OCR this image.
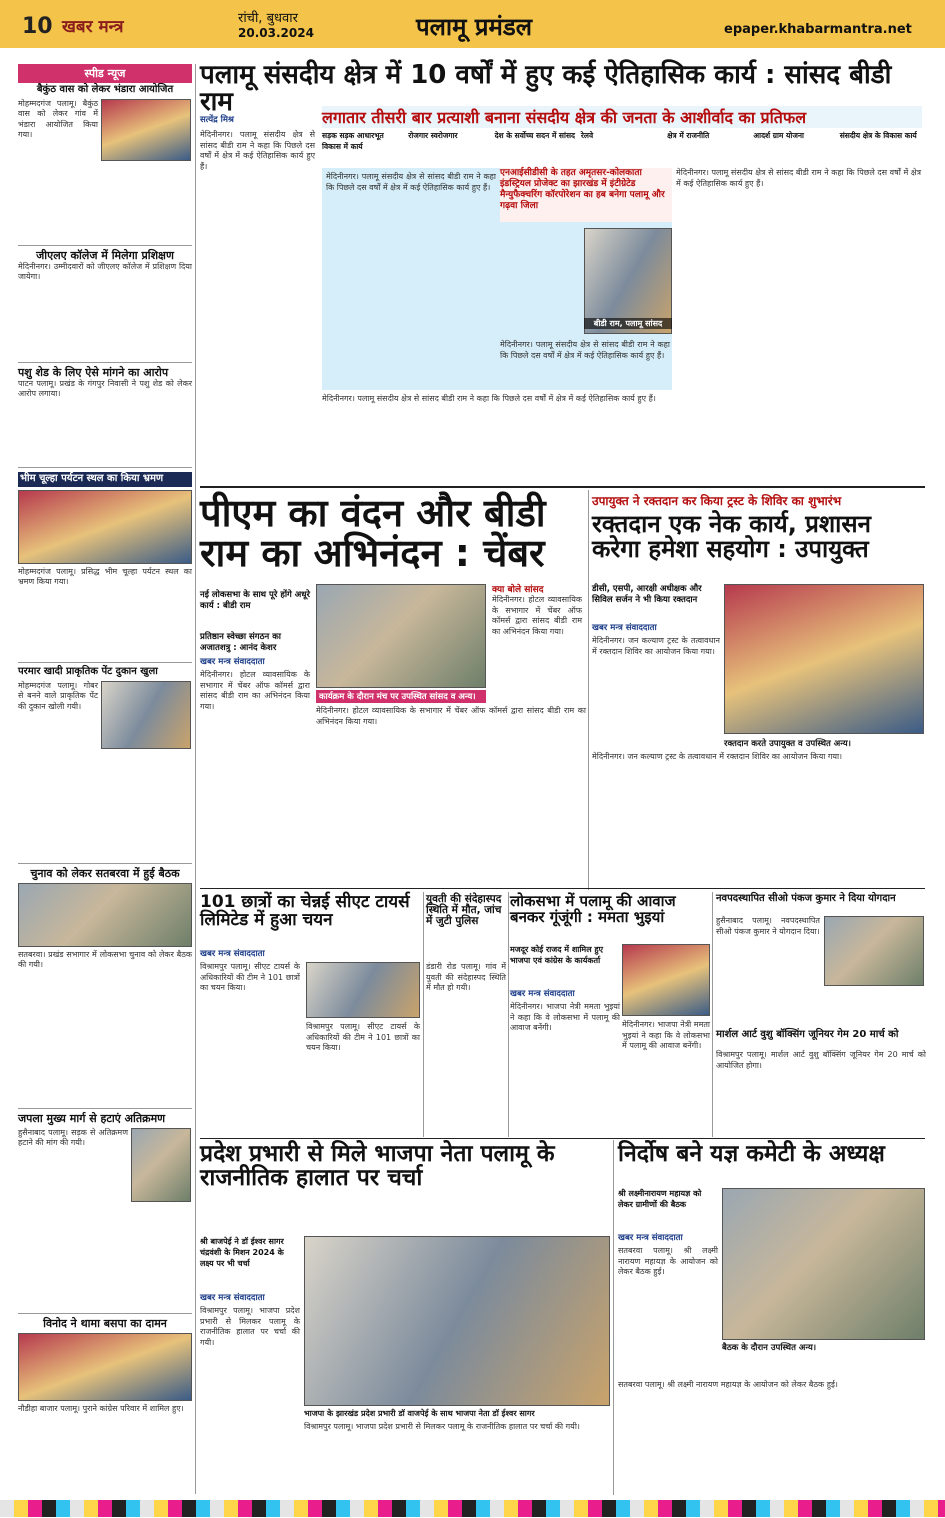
10 खबर मन्त्र	रांची, बुधवार
20.03.2024	पलामू प्रमंडल	epaper.khabarmantra.net
स्पीड न्यूज
बैकुंठ वास को लेकर भंडारा आयोजित
मोहम्मदगंज पलामू। बैकुंठ वास को लेकर गांव में भंडारा आयोजित किया गया।
जीएलए कॉलेज में मिलेगा प्रशिक्षण
मेदिनीनगर। उम्मीदवारों को जीएलए कॉलेज में प्रशिक्षण दिया जायेगा।
पशु शेड के लिए ऐसे मांगने का आरोप
पाटन पलामू। प्रखंड के गंगपुर निवासी ने पशु शेड को लेकर आरोप लगाया।
भीम चूल्हा पर्यटन स्थल का किया भ्रमण
मोहम्मदगंज पलामू। प्रसिद्ध भीम चूल्हा पर्यटन स्थल का भ्रमण किया गया।
परमार खादी प्राकृतिक पेंट दुकान खुला
मोहम्मदगंज पलामू। गोबर से बनने वाले प्राकृतिक पेंट की दुकान खोली गयी।
चुनाव को लेकर सतबरवा में हुई बैठक
सतबरवा। प्रखंड सभागार में लोकसभा चुनाव को लेकर बैठक की गयी।
जपला मुख्य मार्ग से हटाएं अतिक्रमण
हुसैनाबाद पलामू। सड़क से अतिक्रमण हटाने की मांग की गयी।
विनोद ने थामा बसपा का दामन
नौडीहा बाजार पलामू। पुराने कांग्रेस परिवार में शामिल हुए।
पलामू संसदीय क्षेत्र में 10 वर्षों में हुए कई ऐतिहासिक कार्य : सांसद बीडी राम
लगातार तीसरी बार प्रत्याशी बनाना संसदीय क्षेत्र की जनता के आशीर्वाद का प्रतिफल
सत्येंद्र मिश्र
सड़क सड़क आधारभूत विकास में कार्य
रोजगार स्वरोजगार	देश के सर्वोच्च सदन में सांसद रेलवे	क्षेत्र में राजनीति	आदर्श ग्राम योजना	संसदीय क्षेत्र के विकास कार्य
मेदिनीनगर। पलामू संसदीय क्षेत्र से सांसद बीडी राम ने कहा कि पिछले दस वर्षों में क्षेत्र में कई ऐतिहासिक कार्य हुए हैं।
मेदिनीनगर। पलामू संसदीय क्षेत्र से सांसद बीडी राम ने कहा कि पिछले दस वर्षों में क्षेत्र में कई ऐतिहासिक कार्य हुए हैं।
एनआईसीडीसी के तहत अमृतसर-कोलकाता इंडस्ट्रियल प्रोजेक्ट का झारखंड में इंटीग्रेटेड मैन्युफैक्चरिंग कॉरपोरेशन का हब बनेगा पलामू और गढ़वा जिला
बीडी राम, पलामू सांसद
मेदिनीनगर। पलामू संसदीय क्षेत्र से सांसद बीडी राम ने कहा कि पिछले दस वर्षों में क्षेत्र में कई ऐतिहासिक कार्य हुए हैं।
मेदिनीनगर। पलामू संसदीय क्षेत्र से सांसद बीडी राम ने कहा कि पिछले दस वर्षों में क्षेत्र में कई ऐतिहासिक कार्य हुए हैं।
मेदिनीनगर। पलामू संसदीय क्षेत्र से सांसद बीडी राम ने कहा कि पिछले दस वर्षों में क्षेत्र में कई ऐतिहासिक कार्य हुए हैं।
पीएम का वंदन और बीडी राम का अभिनंदन : चेंबर
नई लोकसभा के साथ पूरे होंगे अधूरे कार्य : बीडी राम
प्रतिष्ठान स्वेच्छा संगठन का अजातशत्रु : आनंद केशर
खबर मन्त्र संवाददाता
मेदिनीनगर। होटल व्यावसायिक के सभागार में चेंबर ऑफ कॉमर्स द्वारा सांसद बीडी राम का अभिनंदन किया गया।
कार्यक्रम के दौरान मंच पर उपस्थित सांसद व अन्य।
क्या बोले सांसद
मेदिनीनगर। होटल व्यावसायिक के सभागार में चेंबर ऑफ कॉमर्स द्वारा सांसद बीडी राम का अभिनंदन किया गया।
मेदिनीनगर। होटल व्यावसायिक के सभागार में चेंबर ऑफ कॉमर्स द्वारा सांसद बीडी राम का अभिनंदन किया गया।
उपायुक्त ने रक्तदान कर किया ट्रस्ट के शिविर का शुभारंभ
रक्तदान एक नेक कार्य, प्रशासन करेगा हमेशा सहयोग : उपायुक्त
डीसी, एसपी, आरक्षी अधीक्षक और सिविल सर्जन ने भी किया रक्तदान
खबर मन्त्र संवाददाता
मेदिनीनगर। जन कल्याण ट्रस्ट के तत्वावधान में रक्तदान शिविर का आयोजन किया गया।
रक्तदान करते उपायुक्त व उपस्थित अन्य।
मेदिनीनगर। जन कल्याण ट्रस्ट के तत्वावधान में रक्तदान शिविर का आयोजन किया गया।
101 छात्रों का चेन्नई सीएट टायर्स लिमिटेड में हुआ चयन
खबर मन्त्र संवाददाता
विश्रामपुर पलामू। सीएट टायर्स के अधिकारियों की टीम ने 101 छात्रों का चयन किया।
विश्रामपुर पलामू। सीएट टायर्स के अधिकारियों की टीम ने 101 छात्रों का चयन किया।
युवती की संदेहास्पद स्थिति में मौत, जांच में जुटी पुलिस
डंडारी रोड पलामू। गांव में युवती की संदेहास्पद स्थिति में मौत हो गयी।
लोकसभा में पलामू की आवाज बनकर गूंजूंगी : ममता भुइयां
मजदूर कोई राजद में शामिल हुए भाजपा एवं कांग्रेस के कार्यकर्ता
खबर मन्त्र संवाददाता
मेदिनीनगर। भाजपा नेत्री ममता भुइयां ने कहा कि वे लोकसभा में पलामू की आवाज बनेंगी।	मेदिनीनगर। भाजपा नेत्री ममता भुइयां ने कहा कि वे लोकसभा में पलामू की आवाज बनेंगी।
नवपदस्थापित सीओ पंकज कुमार ने दिया योगदान
हुसैनाबाद पलामू। नवपदस्थापित सीओ पंकज कुमार ने योगदान दिया।
मार्शल आर्ट वुशु बॉक्सिंग जूनियर गेम 20 मार्च को
विश्रामपुर पलामू। मार्शल आर्ट वुशु बॉक्सिंग जूनियर गेम 20 मार्च को आयोजित होगा।
प्रदेश प्रभारी से मिले भाजपा नेता पलामू के राजनीतिक हालात पर चर्चा
श्री बाजपेई ने डॉ ईश्वर सागर चंद्रवंशी के मिशन 2024 के लक्ष्य पर भी चर्चा
खबर मन्त्र संवाददाता
विश्रामपुर पलामू। भाजपा प्रदेश प्रभारी से मिलकर पलामू के राजनीतिक हालात पर चर्चा की गयी।
भाजपा के झारखंड प्रदेश प्रभारी डॉ वाजपेई के साथ भाजपा नेता डॉ ईश्वर सागर
विश्रामपुर पलामू। भाजपा प्रदेश प्रभारी से मिलकर पलामू के राजनीतिक हालात पर चर्चा की गयी।
निर्दोष बने यज्ञ कमेटी के अध्यक्ष
श्री लक्ष्मीनारायण महायज्ञ को लेकर ग्रामीणों की बैठक
खबर मन्त्र संवाददाता
सतबरवा पलामू। श्री लक्ष्मी नारायण महायज्ञ के आयोजन को लेकर बैठक हुई।
बैठक के दौरान उपस्थित अन्य।
सतबरवा पलामू। श्री लक्ष्मी नारायण महायज्ञ के आयोजन को लेकर बैठक हुई।
